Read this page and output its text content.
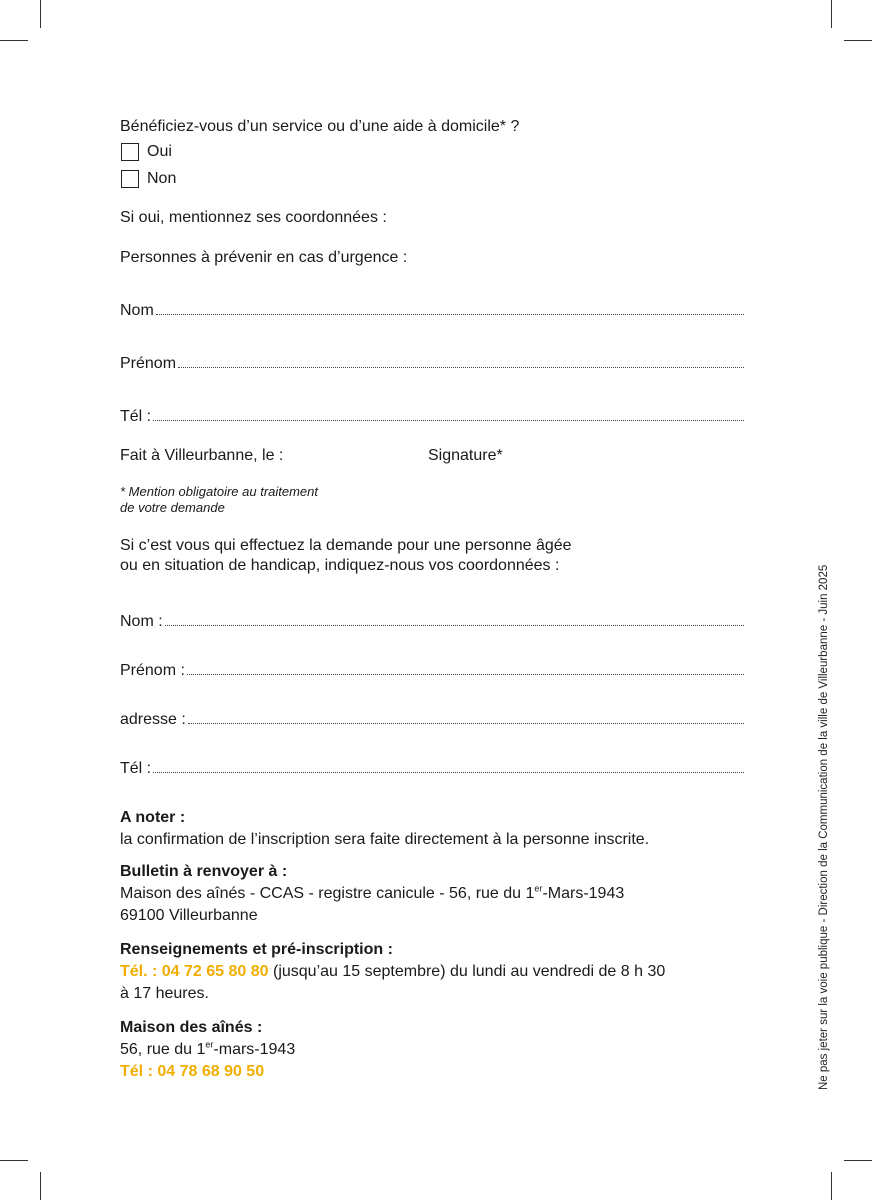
Bénéficiez-vous d’un service ou d’une aide à domicile* ?
Oui
Non
Si oui, mentionnez ses coordonnées :
Personnes à prévenir en cas d’urgence :
Nom
Prénom
Tél :
Fait à Villeurbanne, le :	Signature*
* Mention obligatoire au traitement
de votre demande
Si c’est vous qui effectuez la demande pour une personne âgée
ou en situation de handicap, indiquez-nous vos coordonnées :
Nom :
Prénom :
adresse :
Tél :
A noter :
la confirmation de l’inscription sera faite directement à la personne inscrite.
Bulletin à renvoyer à :
Maison des aînés - CCAS - registre canicule - 56, rue du 1er-Mars-1943
69100 Villeurbanne
Renseignements et pré-inscription :
Tél. : 04 72 65 80 80 (jusqu’au 15 septembre) du lundi au vendredi de 8 h 30
à 17 heures.
Maison des aînés :
56, rue du 1er-mars-1943
Tél : 04 78 68 90 50	Ne pas jeter sur la voie publique - Direction de la Communication de la ville de Villeurbanne - Juin 2025
